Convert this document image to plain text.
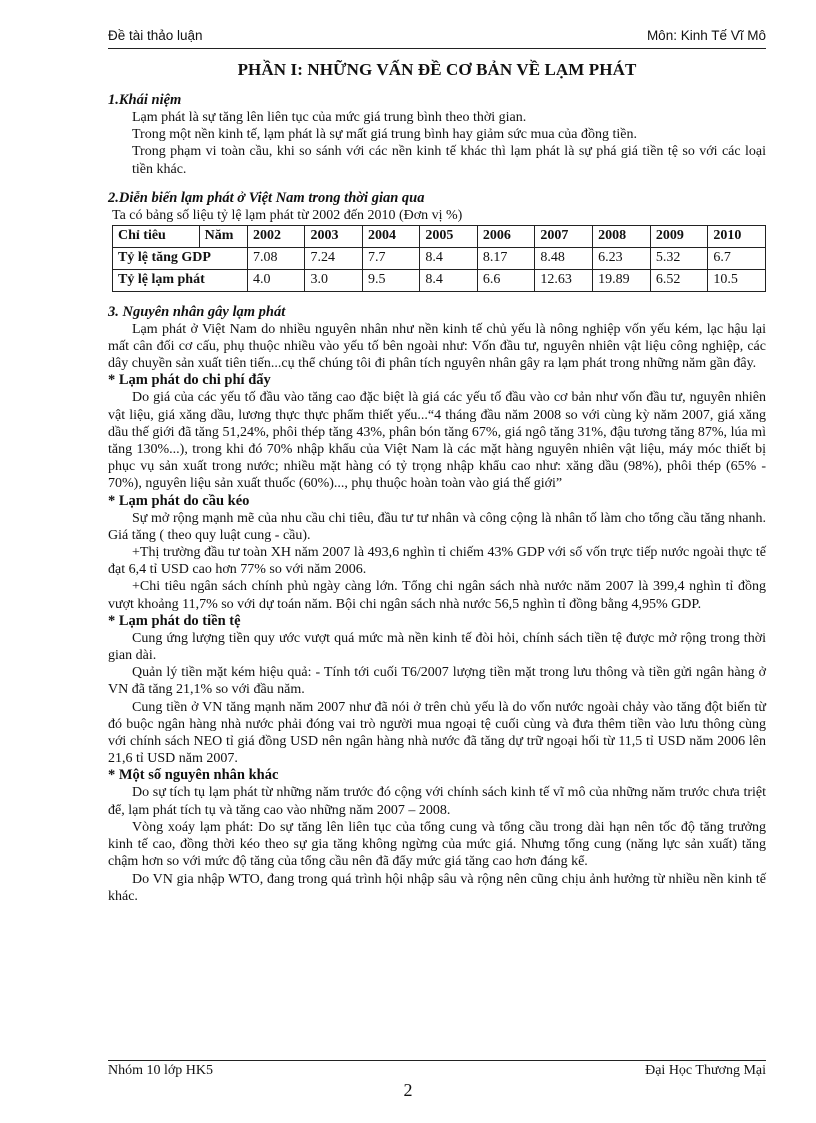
Đề tài thảo luận	Môn: Kinh Tế Vĩ Mô
PHẦN I: NHỮNG VẤN ĐỀ CƠ BẢN VỀ LẠM PHÁT
1.Khái niệm

Lạm phát là sự tăng lên liên tục của mức giá trung bình theo thời gian.

Trong một nền kinh tế, lạm phát là sự mất giá trung bình hay giảm sức mua của đồng tiền.

Trong phạm vi toàn cầu, khi so sánh với các nền kinh tế khác thì lạm phát là sự phá giá tiền tệ so với các loại tiền khác.

2.Diễn biến lạm phát ở Việt Nam trong thời gian qua

Ta có bảng số liệu tỷ lệ lạm phát từ 2002 đến 2010 (Đơn vị %)

Chỉ tiêu	Năm	2002	2003	2004	2005	2006	2007	2008	2009	2010
Tỷ lệ tăng GDP		7.08	7.24	7.7	8.4	8.17	8.48	6.23	5.32	6.7
Tỷ lệ lạm phát		4.0	3.0	9.5	8.4	6.6	12.63	19.89	6.52	10.5
3. Nguyên nhân gây lạm phát

Lạm phát ở Việt Nam do nhiều nguyên nhân như nền kinh tế chủ yếu là nông nghiệp vốn yếu kém, lạc hậu lại mất cân đối cơ cấu, phụ thuộc nhiều vào yếu tố bên ngoài như: Vốn đầu tư, nguyên nhiên vật liệu công nghiệp, các dây chuyền sản xuất tiên tiến...cụ thể chúng tôi đi phân tích nguyên nhân gây ra lạm phát trong những năm gần đây.

* Lạm phát do chi phí đẩy

Do giá của các yếu tố đầu vào tăng cao đặc biệt là giá các yếu tố đầu vào cơ bản như vốn đầu tư, nguyên nhiên vật liệu, giá xăng dầu, lương thực thực phẩm thiết yếu...“4 tháng đầu năm 2008 so với cùng kỳ năm 2007, giá xăng dầu thế giới đã tăng 51,24%, phôi thép tăng 43%, phân bón tăng 67%, giá ngô tăng 31%, đậu tương tăng 87%, lúa mì tăng 130%...), trong khi đó 70% nhập khẩu của Việt Nam là các mặt hàng nguyên nhiên vật liệu, máy móc thiết bị phục vụ sản xuất trong nước; nhiều mặt hàng có tỷ trọng nhập khẩu cao như: xăng dầu (98%), phôi thép (65% - 70%), nguyên liệu sản xuất thuốc (60%)..., phụ thuộc hoàn toàn vào giá thế giới”

* Lạm phát do cầu kéo

Sự mở rộng mạnh mẽ của nhu cầu chi tiêu, đầu tư tư nhân và công cộng là nhân tố làm cho tổng cầu tăng nhanh. Giá tăng ( theo quy luật cung - cầu).

+Thị trường đầu tư toàn XH năm 2007 là 493,6 nghìn tỉ chiếm 43% GDP với số vốn trực tiếp nước ngoài thực tế đạt 6,4 tỉ USD cao hơn 77% so với năm 2006.

+Chi tiêu ngân sách chính phủ ngày càng lớn. Tổng chi ngân sách nhà nước năm 2007 là 399,4 nghìn tỉ đồng vượt khoảng 11,7% so với dự toán năm. Bội chi ngân sách nhà nước 56,5 nghìn tỉ đồng bằng 4,95% GDP.

* Lạm phát do tiền tệ

Cung ứng lượng tiền quy ước vượt quá mức mà nền kinh tế đòi hỏi, chính sách tiền tệ được mở rộng trong thời gian dài.

Quản lý tiền mặt kém hiệu quả: - Tính tới cuối T6/2007 lượng tiền mặt trong lưu thông và tiền gửi ngân hàng ở VN đã tăng 21,1% so với đầu năm.

Cung tiền ở VN tăng mạnh năm 2007 như đã nói ở trên chủ yếu là do vốn nước ngoài chảy vào tăng đột biến từ đó buộc ngân hàng nhà nước phải đóng vai trò người mua ngoại tệ cuối cùng và đưa thêm tiền vào lưu thông cùng với chính sách NEO tỉ giá đồng USD nên ngân hàng nhà nước đã tăng dự trữ ngoại hối từ 11,5 tỉ USD năm 2006 lên 21,6 tỉ USD năm 2007.

* Một số nguyên nhân khác

Do sự tích tụ lạm phát từ những năm trước đó cộng với chính sách kinh tế vĩ mô của những năm trước chưa triệt để, lạm phát tích tụ và tăng cao vào những năm 2007 – 2008.

Vòng xoáy lạm phát: Do sự tăng lên liên tục của tổng cung và tổng cầu trong dài hạn nên tốc độ tăng trưởng kinh tế cao, đồng thời kéo theo sự gia tăng không ngừng của mức giá. Nhưng tổng cung (năng lực sản xuất) tăng chậm hơn so với mức độ tăng của tổng cầu nên đã đẩy mức giá tăng cao hơn đáng kể.

Do VN gia nhập WTO, đang trong quá trình hội nhập sâu và rộng nên cũng chịu ảnh hưởng từ nhiều nền kinh tế khác.

Nhóm 10 lớp HK5	Đại Học Thương Mại
2
